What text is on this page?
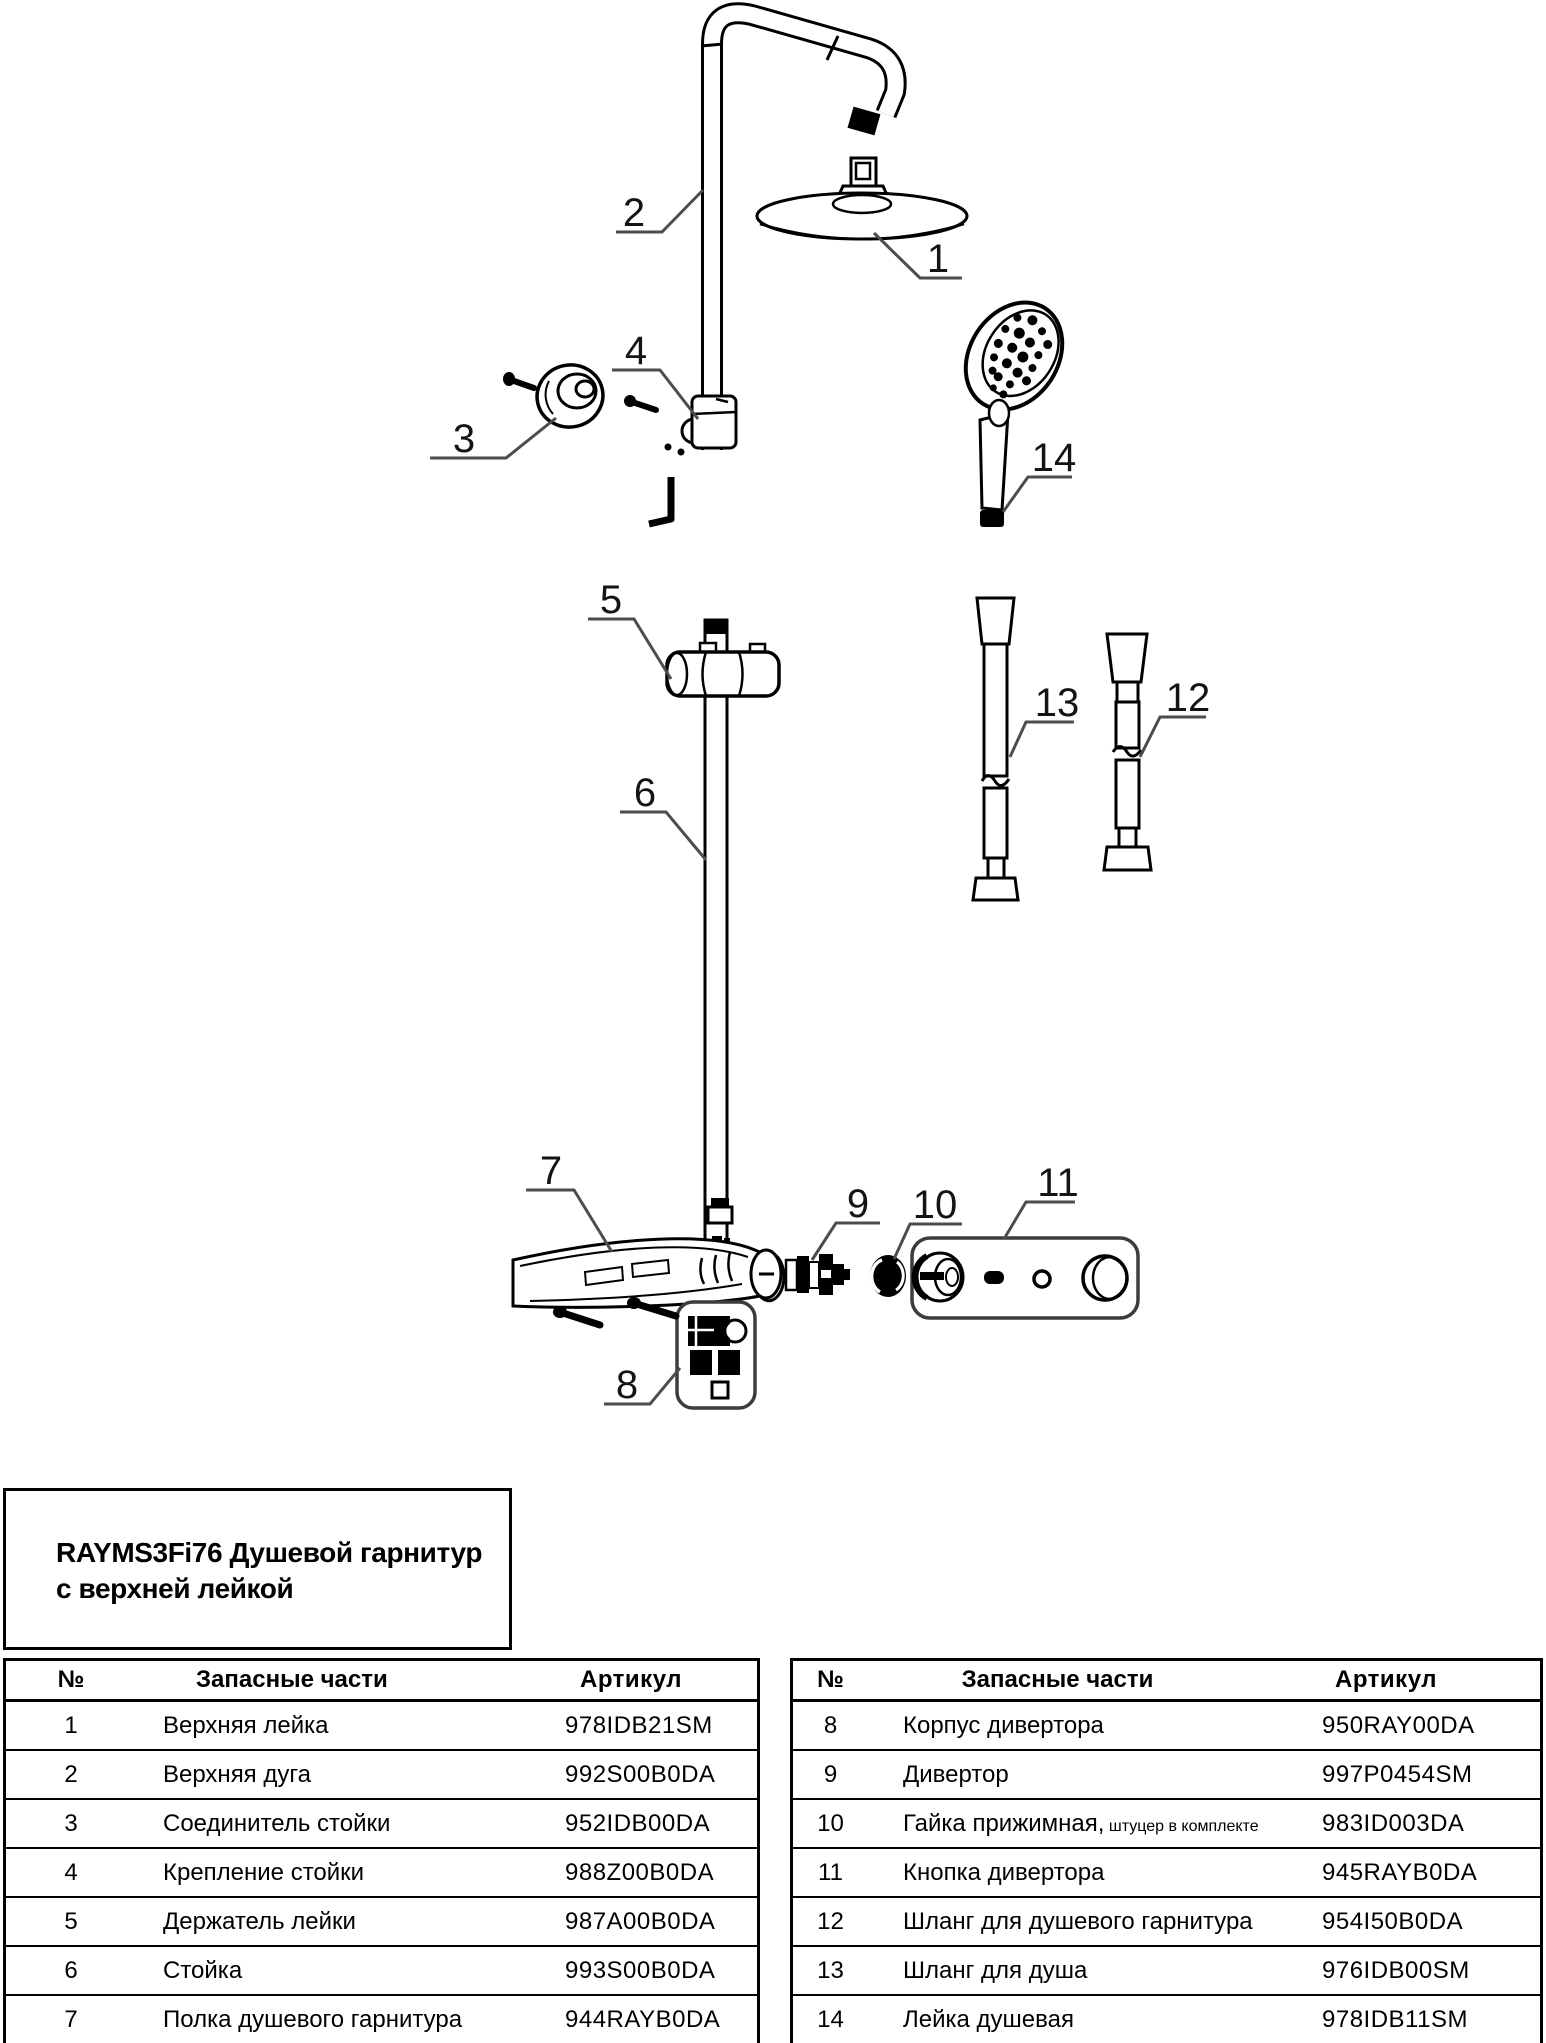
1
2
3
4
5
6
7
8
9 10 11
12
13
14
RAYMS3Fi76 Душевой гарнитур
с верхней лейкой
№	Запасные части	Артикул
1	Верхняя лейка	978IDB21SM
2	Верхняя дуга	992S00B0DA
3	Соединитель стойки	952IDB00DA
4	Крепление стойки	988Z00B0DA
5	Держатель лейки	987A00B0DA
6	Стойка	993S00B0DA
7	Полка душевого гарнитура	944RAYB0DA
№	Запасные части	Артикул
8	Корпус дивертора	950RAY00DA
9	Дивертор	997P0454SM
10	Гайка прижимная, штуцер в комплекте	983ID003DA
11	Кнопка дивертора	945RAYB0DA
12	Шланг для душевого гарнитура	954I50B0DA
13	Шланг для душа	976IDB00SM
14	Лейка душевая	978IDB11SM
